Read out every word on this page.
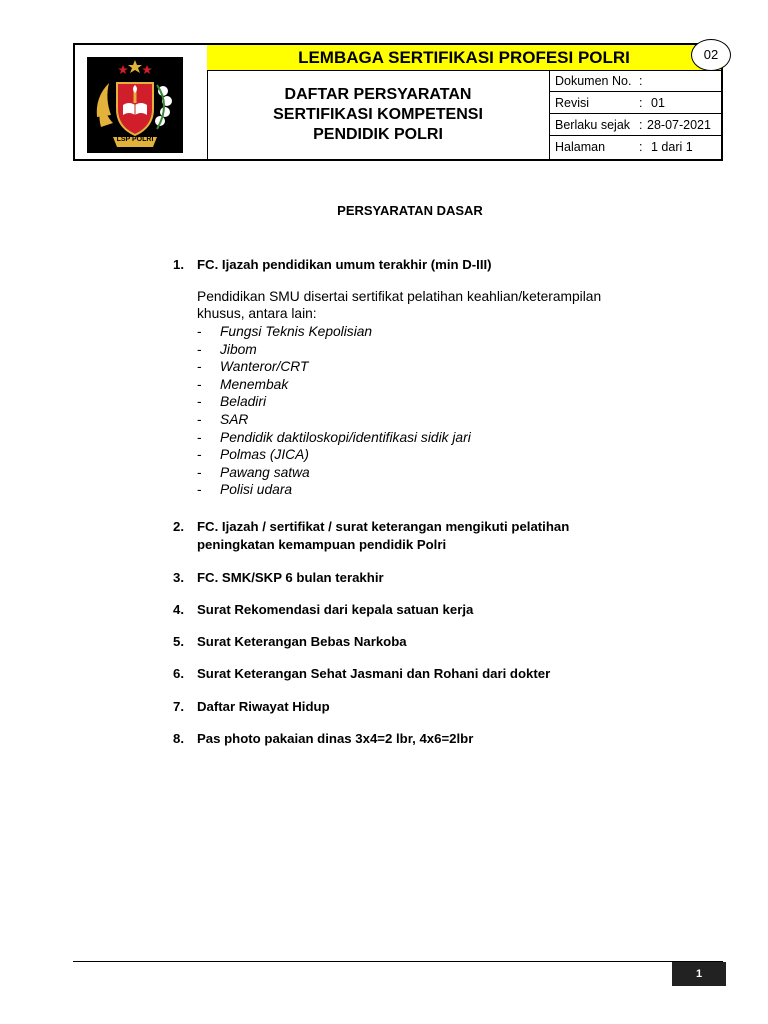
LSP POLRI
LEMBAGA SERTIFIKASI PROFESI POLRI
DAFTAR PERSYARATAN
SERTIFIKASI KOMPETENSI
PENDIDIK POLRI
Dokumen No. :
Revisi	: 01
Berlaku sejak : 28-07-2021
Halaman	: 1 dari 1
02
PERSYARATAN DASAR
1. FC. Ijazah pendidikan umum terakhir (min D-III)
Pendidikan SMU disertai sertifikat pelatihan keahlian/keterampilan khusus, antara lain:
- Fungsi Teknis Kepolisian
- Jibom
- Wanteror/CRT
- Menembak
- Beladiri
- SAR
- Pendidik daktiloskopi/identifikasi sidik jari
- Polmas (JICA)
- Pawang satwa
- Polisi udara
2. FC. Ijazah / sertifikat / surat keterangan mengikuti pelatihan peningkatan kemampuan pendidik Polri
3. FC. SMK/SKP 6 bulan terakhir
4. Surat Rekomendasi dari kepala satuan kerja
5. Surat Keterangan Bebas Narkoba
6. Surat Keterangan Sehat Jasmani dan Rohani dari dokter
7. Daftar Riwayat Hidup
8. Pas photo pakaian dinas 3x4=2 lbr, 4x6=2lbr
1
